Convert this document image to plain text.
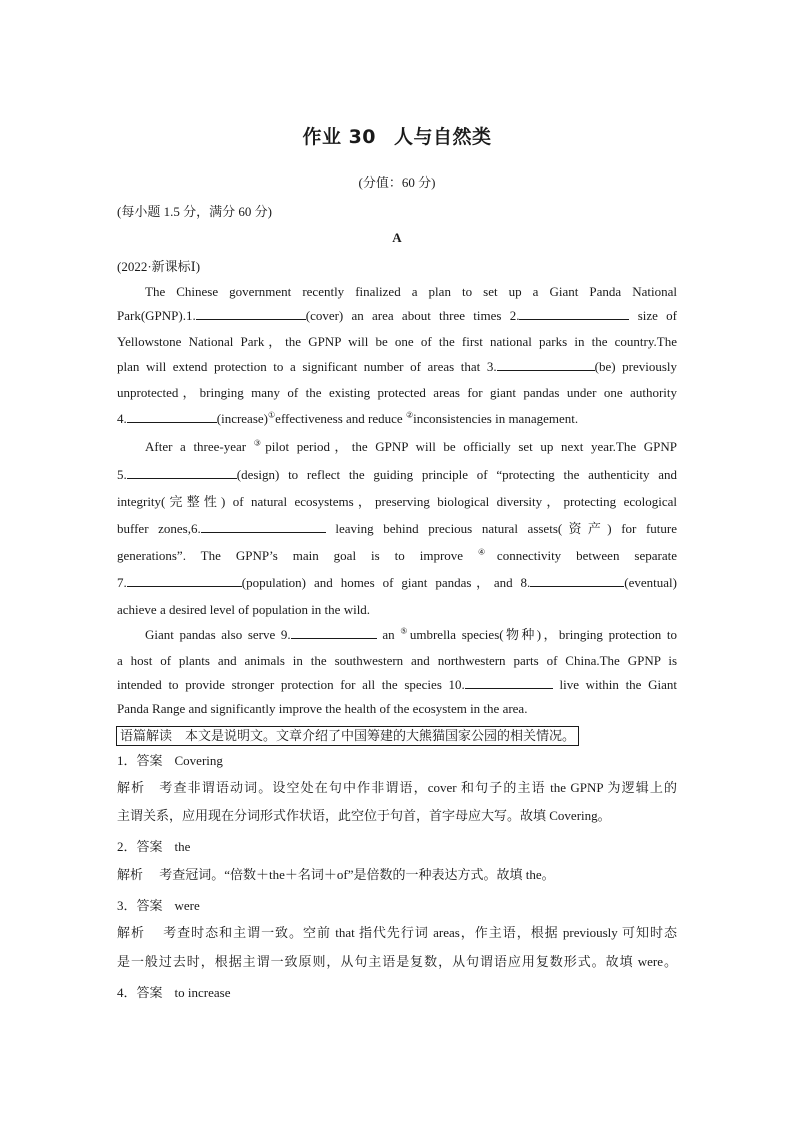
作业 30 人与自然类
(分值：60 分)
(每小题 1.5 分，满分 60 分)
A
(2022·新课标Ⅰ)
The Chinese government recently finalized a plan to set up a Giant Panda National
Park(GPNP).1.	(cover) an area about three times 2.	size of
Yellowstone National Park，the GPNP will be one of the first national parks in the country.The
plan will extend protection to a significant number of areas that 3.	(be) previously
unprotected，bringing many of the existing protected areas for giant pandas under one authority
4.	(increase)①effectiveness and reduce ②inconsistencies in management.
After a three-year ③pilot period，the GPNP will be officially set up next year.The GPNP
5.	(design) to reflect the guiding principle of “protecting the authenticity and
integrity(完整性) of natural ecosystems，preserving biological diversity，protecting ecological
buffer zones,6.	leaving behind precious natural assets(资产) for future
generations”. The GPNP’s main goal is to improve ④connectivity between separate
7.	(population) and homes of giant pandas，and 8.	(eventual)
achieve a desired level of population in the wild.
Giant pandas also serve 9.	an ⑤umbrella species(物种)，bringing protection to
a host of plants and animals in the southwestern and northwestern parts of China.The GPNP is
intended to provide stronger protection for all the species 10.	live within the Giant
Panda Range and significantly improve the health of the ecosystem in the area.
语篇解读　本文是说明文。文章介绍了中国筹建的大熊猫国家公园的相关情况。
1．答案 Covering
解析　 考查非谓语动词。设空处在句中作非谓语，cover 和句子的主语 the GPNP 为逻辑上的
主谓关系，应用现在分词形式作状语，此空位于句首，首字母应大写。故填 Covering。
2．答案 the
解析　 考查冠词。“倍数＋the＋名词＋of”是倍数的一种表达方式。故填 the。
3．答案 were
解析　 考查时态和主谓一致。空前 that 指代先行词 areas，作主语，根据 previously 可知时态
是一般过去时，根据主谓一致原则，从句主语是复数，从句谓语应用复数形式。故填 were。
4．答案 to increase
